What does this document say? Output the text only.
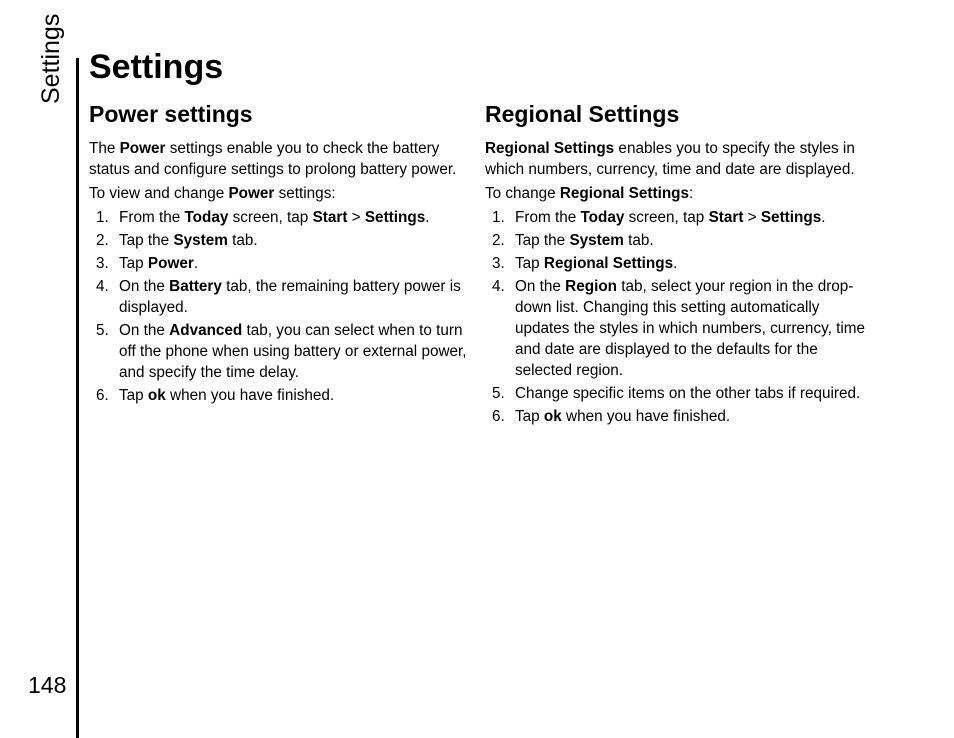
Settings
148
Settings
Power settings

The Power settings enable you to check the battery status and configure settings to prolong battery power.

To view and change Power settings:

1. From the Today screen, tap Start > Settings.
2. Tap the System tab.
3. Tap Power.
4. On the Battery tab, the remaining battery power is displayed.
5. On the Advanced tab, you can select when to turn off the phone when using battery or external power, and specify the time delay.
6. Tap ok when you have finished.
Regional Settings

Regional Settings enables you to specify the styles in which numbers, currency, time and date are displayed.

To change Regional Settings:

1. From the Today screen, tap Start > Settings.
2. Tap the System tab.
3. Tap Regional Settings.
4. On the Region tab, select your region in the drop-down list. Changing this setting automatically updates the styles in which numbers, currency, time and date are displayed to the defaults for the selected region.
5. Change specific items on the other tabs if required.
6. Tap ok when you have finished.
